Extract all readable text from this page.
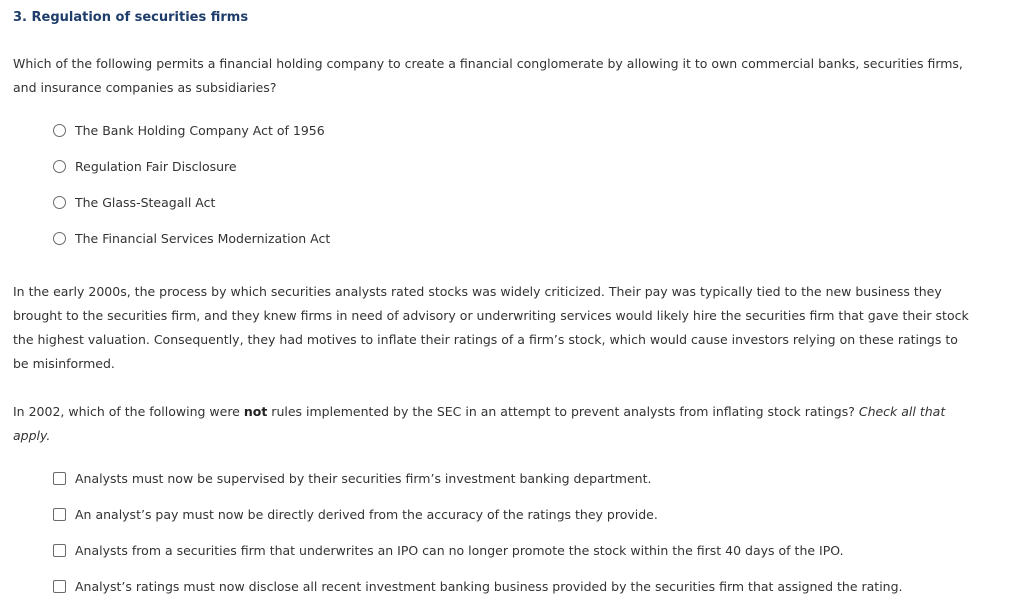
3. Regulation of securities firms
Which of the following permits a financial holding company to create a financial conglomerate by allowing it to own commercial banks, securities firms, and insurance companies as subsidiaries?
The Bank Holding Company Act of 1956
Regulation Fair Disclosure
The Glass-Steagall Act
The Financial Services Modernization Act
In the early 2000s, the process by which securities analysts rated stocks was widely criticized. Their pay was typically tied to the new business they brought to the securities firm, and they knew firms in need of advisory or underwriting services would likely hire the securities firm that gave their stock the highest valuation. Consequently, they had motives to inflate their ratings of a firm’s stock, which would cause investors relying on these ratings to be misinformed.
In 2002, which of the following were not rules implemented by the SEC in an attempt to prevent analysts from inflating stock ratings? Check all that apply.
Analysts must now be supervised by their securities firm’s investment banking department.
An analyst’s pay must now be directly derived from the accuracy of the ratings they provide.
Analysts from a securities firm that underwrites an IPO can no longer promote the stock within the first 40 days of the IPO.
Analyst’s ratings must now disclose all recent investment banking business provided by the securities firm that assigned the rating.
